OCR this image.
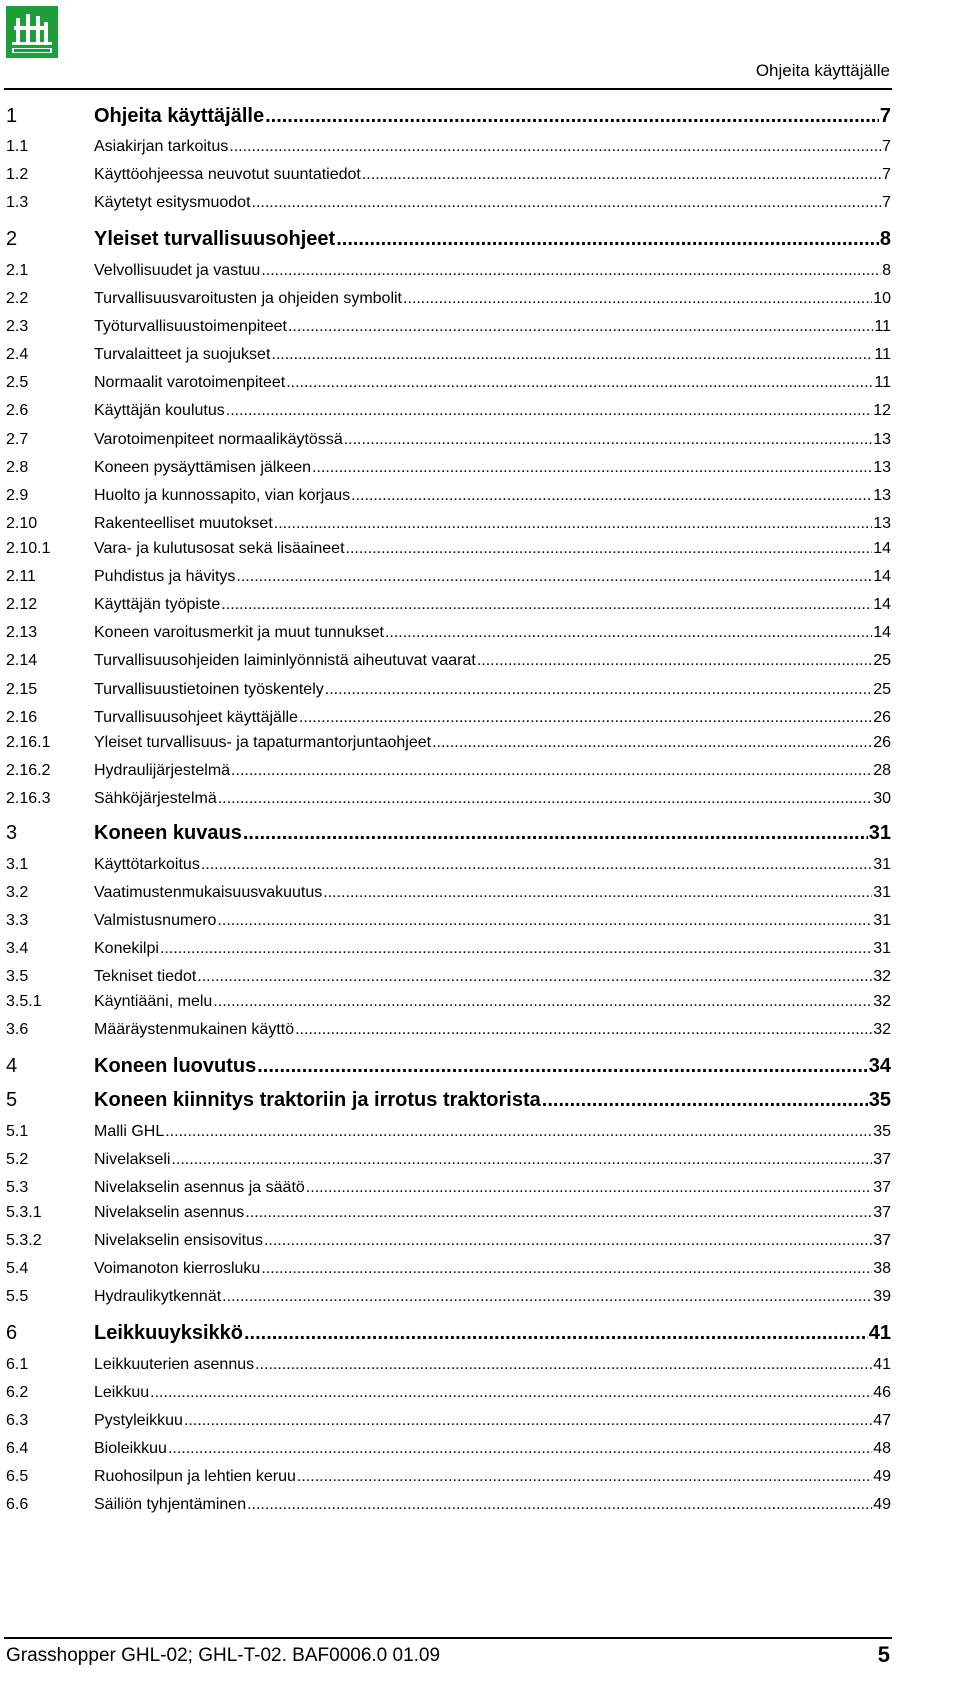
Ohjeita käyttäjälle
1	Ohjeita käyttäjälle .....	7
1.1	Asiakirjan tarkoitus .....	7
1.2	Käyttöohjeessa neuvotut suuntatiedot .....	7
1.3	Käytetyt esitysmuodot .....	7
2	Yleiset turvallisuusohjeet .....	8
2.1	Velvollisuudet ja vastuu .....	8
2.2	Turvallisuusvaroitusten ja ohjeiden symbolit .....	10
2.3	Työturvallisuustoimenpiteet .....	11
2.4	Turvalaitteet ja suojukset .....	11
2.5	Normaalit varotoimenpiteet .....	11
2.6	Käyttäjän koulutus .....	12
2.7	Varotoimenpiteet normaalikäytössä .....	13
2.8	Koneen pysäyttämisen jälkeen .....	13
2.9	Huolto ja kunnossapito, vian korjaus .....	13
2.10	Rakenteelliset muutokset .....	13
2.10.1	Vara- ja kulutusosat sekä lisäaineet .....	14
2.11	Puhdistus ja hävitys .....	14
2.12	Käyttäjän työpiste .....	14
2.13	Koneen varoitusmerkit ja muut tunnukset .....	14
2.14	Turvallisuusohjeiden laiminlyönnistä aiheutuvat vaarat .....	25
2.15	Turvallisuustietoinen työskentely .....	25
2.16	Turvallisuusohjeet käyttäjälle .....	26
2.16.1	Yleiset turvallisuus- ja tapaturmantorjuntaohjeet .....	26
2.16.2	Hydraulijärjestelmä .....	28
2.16.3	Sähköjärjestelmä .....	30
3	Koneen kuvaus .....	31
3.1	Käyttötarkoitus .....	31
3.2	Vaatimustenmukaisuusvakuutus .....	31
3.3	Valmistusnumero .....	31
3.4	Konekilpi .....	31
3.5	Tekniset tiedot .....	32
3.5.1	Käyntiääni, melu .....	32
3.6	Määräystenmukainen käyttö .....	32
4	Koneen luovutus .....	34
5	Koneen kiinnitys traktoriin ja irrotus traktorista .....	35
5.1	Malli GHL .....	35
5.2	Nivelakseli .....	37
5.3	Nivelakselin asennus ja säätö .....	37
5.3.1	Nivelakselin asennus .....	37
5.3.2	Nivelakselin ensisovitus .....	37
5.4	Voimanoton kierrosluku .....	38
5.5	Hydraulikytkennät .....	39
6	Leikkuuyksikkö .....	41
6.1	Leikkuuterien asennus .....	41
6.2	Leikkuu .....	46
6.3	Pystyleikkuu .....	47
6.4	Bioleikkuu .....	48
6.5	Ruohosilpun ja lehtien keruu .....	49
6.6	Säiliön tyhjentäminen .....	49
Grasshopper GHL-02; GHL-T-02. BAF0006.0 01.09	5
